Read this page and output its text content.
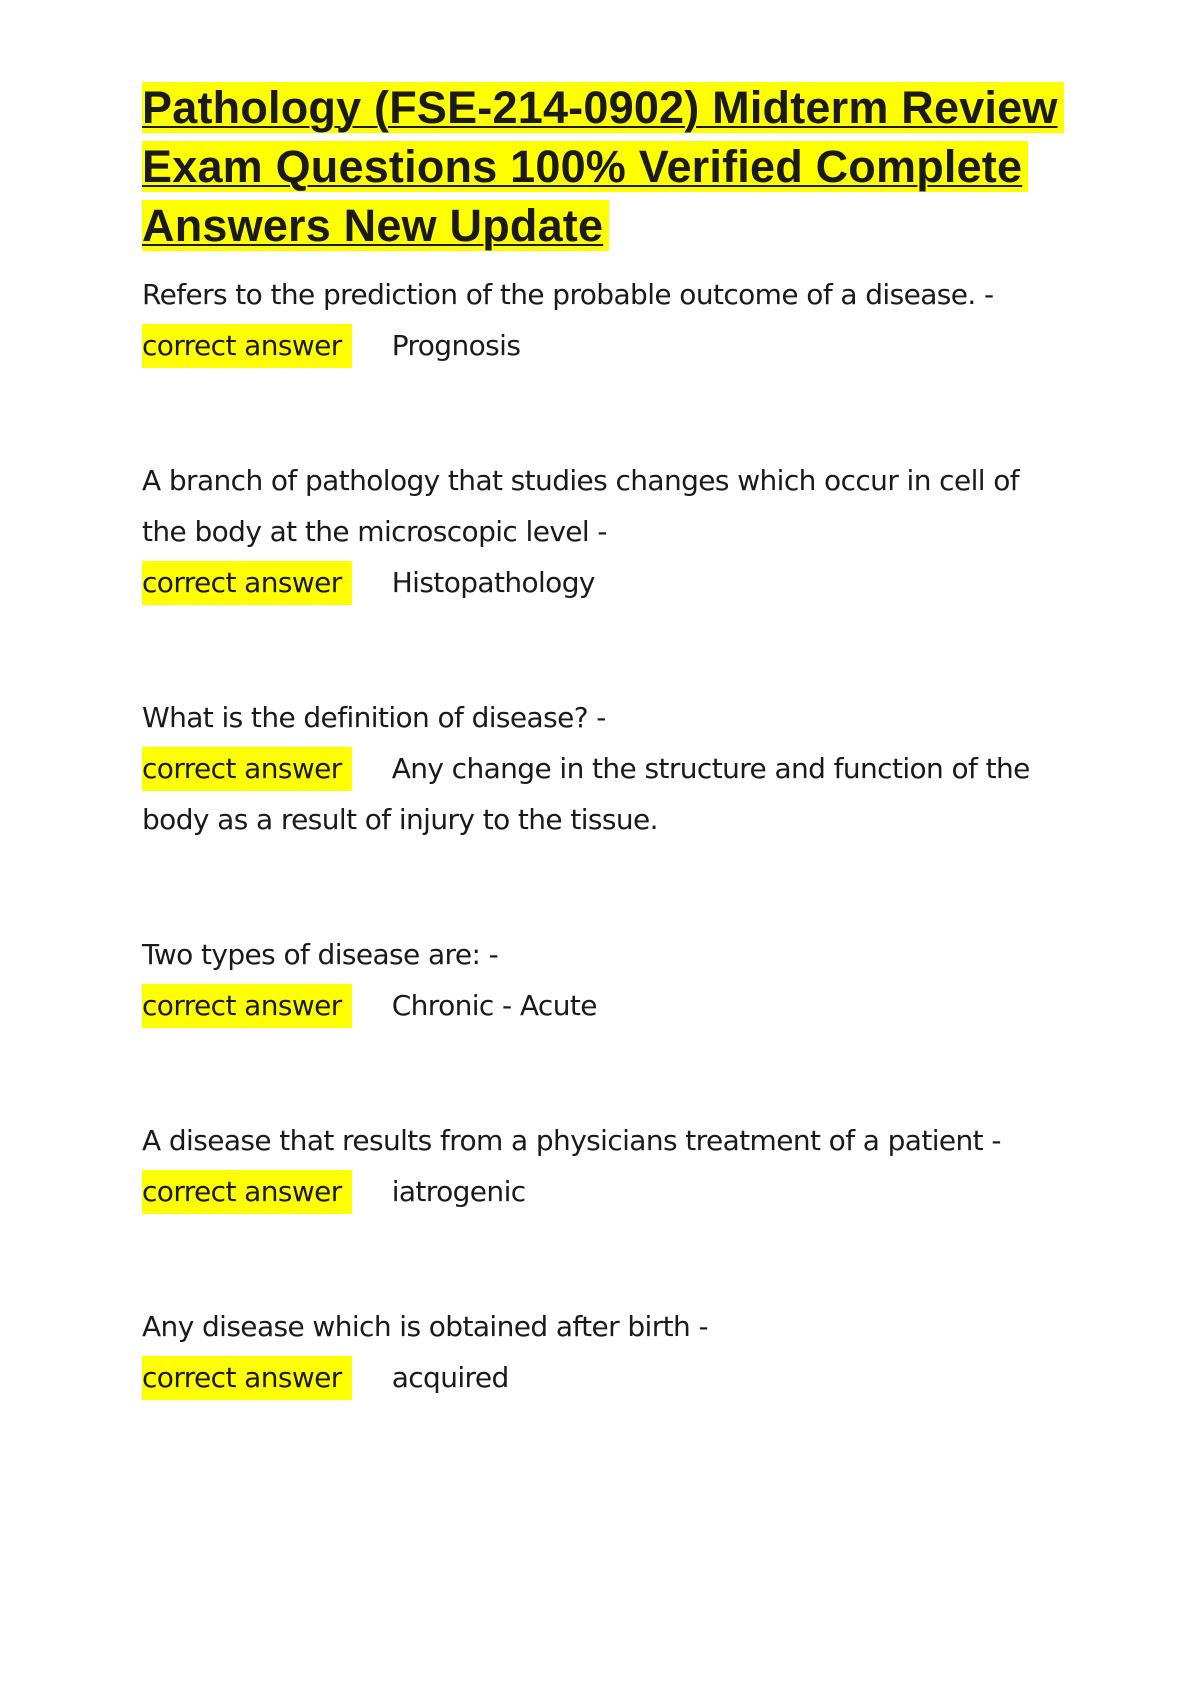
Pathology (FSE-214-0902) Midterm Review Exam Questions 100% Verified Complete Answers New Update
Refers to the prediction of the probable outcome of a disease. -
correct answer Prognosis
A branch of pathology that studies changes which occur in cell of the body at the microscopic level -
correct answer Histopathology
What is the definition of disease? -
correct answer Any change in the structure and function of the body as a result of injury to the tissue.
Two types of disease are: -
correct answer Chronic - Acute
A disease that results from a physicians treatment of a patient -
correct answer iatrogenic
Any disease which is obtained after birth -
correct answer acquired
